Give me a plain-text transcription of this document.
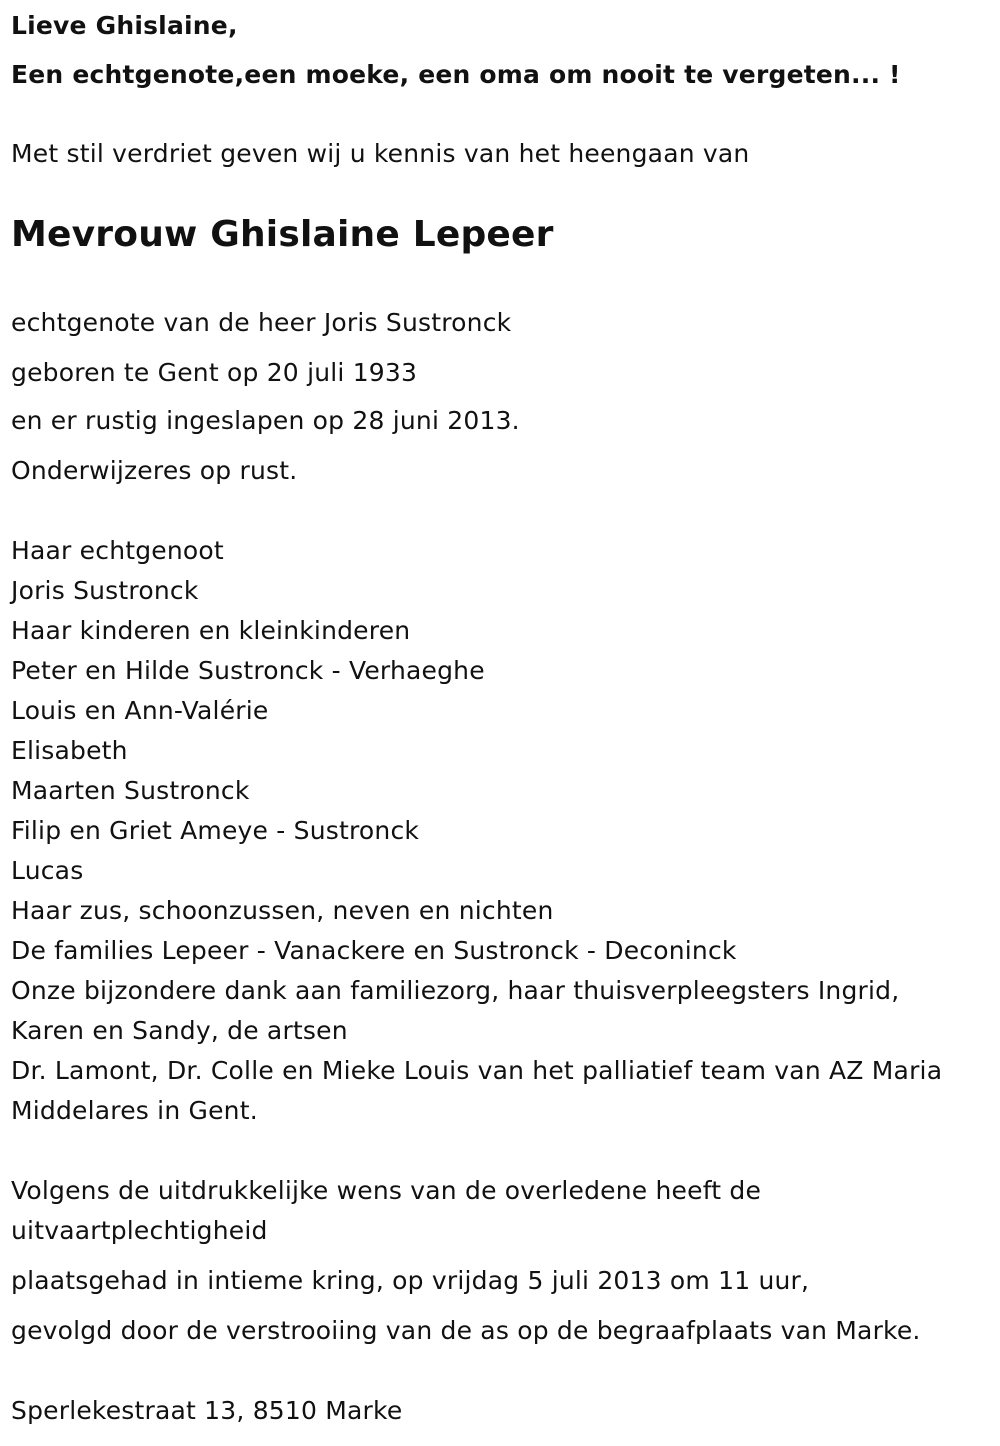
Lieve Ghislaine,
Een echtgenote,een moeke, een oma om nooit te vergeten... !
Met stil verdriet geven wij u kennis van het heengaan van
Mevrouw Ghislaine Lepeer
echtgenote van de heer Joris Sustronck
geboren te Gent op 20 juli 1933
en er rustig ingeslapen op 28 juni 2013.
Onderwijzeres op rust.
Haar echtgenoot
Joris Sustronck
Haar kinderen en kleinkinderen
Peter en Hilde Sustronck - Verhaeghe
Louis en Ann-Valérie
Elisabeth
Maarten Sustronck
Filip en Griet Ameye - Sustronck
Lucas
Haar zus, schoonzussen, neven en nichten
De families Lepeer - Vanackere en Sustronck - Deconinck
Onze bijzondere dank aan familiezorg, haar thuisverpleegsters Ingrid,
Karen en Sandy, de artsen
Dr. Lamont, Dr. Colle en Mieke Louis van het palliatief team van AZ Maria
Middelares in Gent.
Volgens de uitdrukkelijke wens van de overledene heeft de
uitvaartplechtigheid
plaatsgehad in intieme kring, op vrijdag 5 juli 2013 om 11 uur,
gevolgd door de verstrooiing van de as op de begraafplaats van Marke.
Sperlekestraat 13, 8510 Marke
